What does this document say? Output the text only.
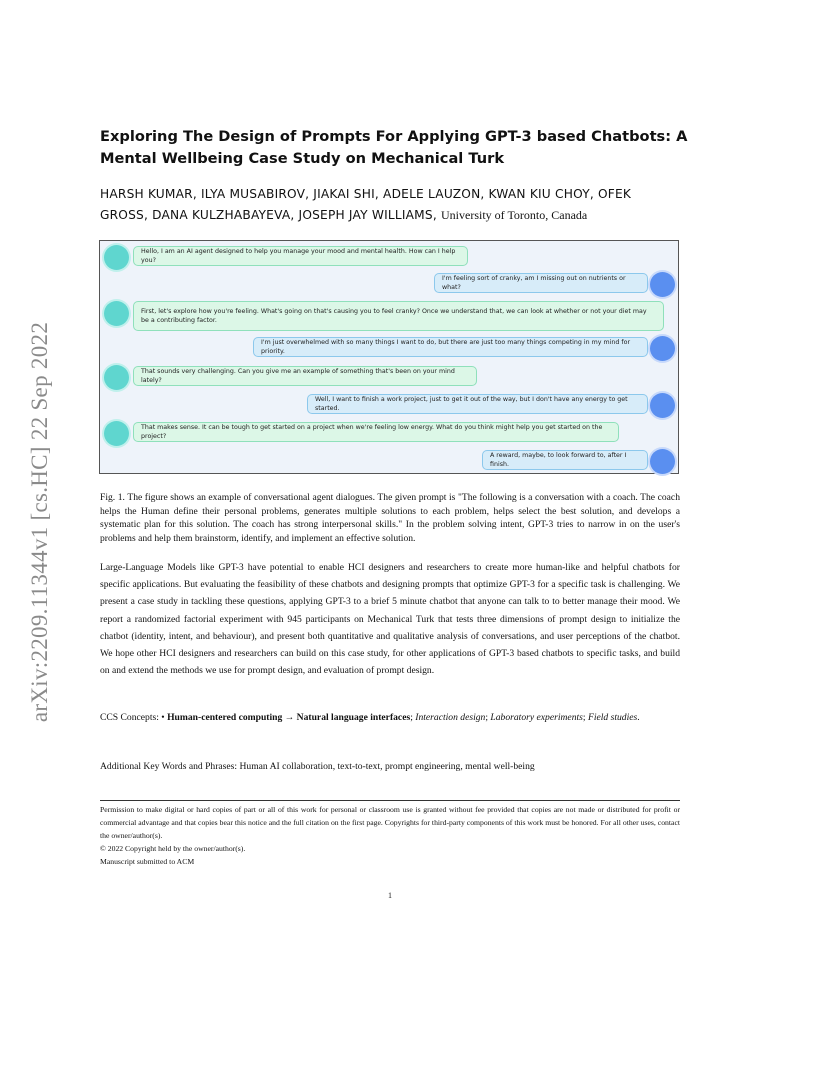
arXiv:2209.11344v1 [cs.HC] 22 Sep 2022
Exploring The Design of Prompts For Applying GPT-3 based Chatbots: A
Mental Wellbeing Case Study on Mechanical Turk
HARSH KUMAR, ILYA MUSABIROV, JIAKAI SHI, ADELE LAUZON, KWAN KIU CHOY, OFEK
GROSS, DANA KULZHABAYEVA, JOSEPH JAY WILLIAMS, University of Toronto, Canada
Hello, I am an AI agent designed to help you manage your mood and mental health. How can I help you?
I'm feeling sort of cranky, am I missing out on nutrients or what?
First, let's explore how you're feeling. What's going on that's causing you to feel cranky? Once we understand that, we can look at whether or not your diet may be a contributing factor.
I'm just overwhelmed with so many things I want to do, but there are just too many things competing in my mind for priority.
That sounds very challenging. Can you give me an example of something that's been on your mind lately?
Well, I want to finish a work project, just to get it out of the way, but I don't have any energy to get started.
That makes sense. It can be tough to get started on a project when we're feeling low energy. What do you think might help you get started on the project?
A reward, maybe, to look forward to, after I finish.

Fig. 1. The figure shows an example of conversational agent dialogues. The given prompt is "The following is a conversation with a coach. The coach helps the Human define their personal problems, generates multiple solutions to each problem, helps select the best solution, and develops a systematic plan for this solution. The coach has strong interpersonal skills." In the problem solving intent, GPT-3 tries to narrow in on the user's problems and help them brainstorm, identify, and implement an effective solution.

Large-Language Models like GPT-3 have potential to enable HCI designers and researchers to create more human-like and helpful chatbots for specific applications. But evaluating the feasibility of these chatbots and designing prompts that optimize GPT-3 for a specific task is challenging. We present a case study in tackling these questions, applying GPT-3 to a brief 5 minute chatbot that anyone can talk to to better manage their mood. We report a randomized factorial experiment with 945 participants on Mechanical Turk that tests three dimensions of prompt design to initialize the chatbot (identity, intent, and behaviour), and present both quantitative and qualitative analysis of conversations, and user perceptions of the chatbot. We hope other HCI designers and researchers can build on this case study, for other applications of GPT-3 based chatbots to specific tasks, and build on and extend the methods we use for prompt design, and evaluation of prompt design.

CCS Concepts: • Human-centered computing → Natural language interfaces; Interaction design; Laboratory experiments; Field studies.

Additional Key Words and Phrases: Human AI collaboration, text-to-text, prompt engineering, mental well-being

Permission to make digital or hard copies of part or all of this work for personal or classroom use is granted without fee provided that copies are not made or distributed for profit or commercial advantage and that copies bear this notice and the full citation on the first page. Copyrights for third-party components of this work must be honored. For all other uses, contact the owner/author(s).
© 2022 Copyright held by the owner/author(s).
Manuscript submitted to ACM
1
